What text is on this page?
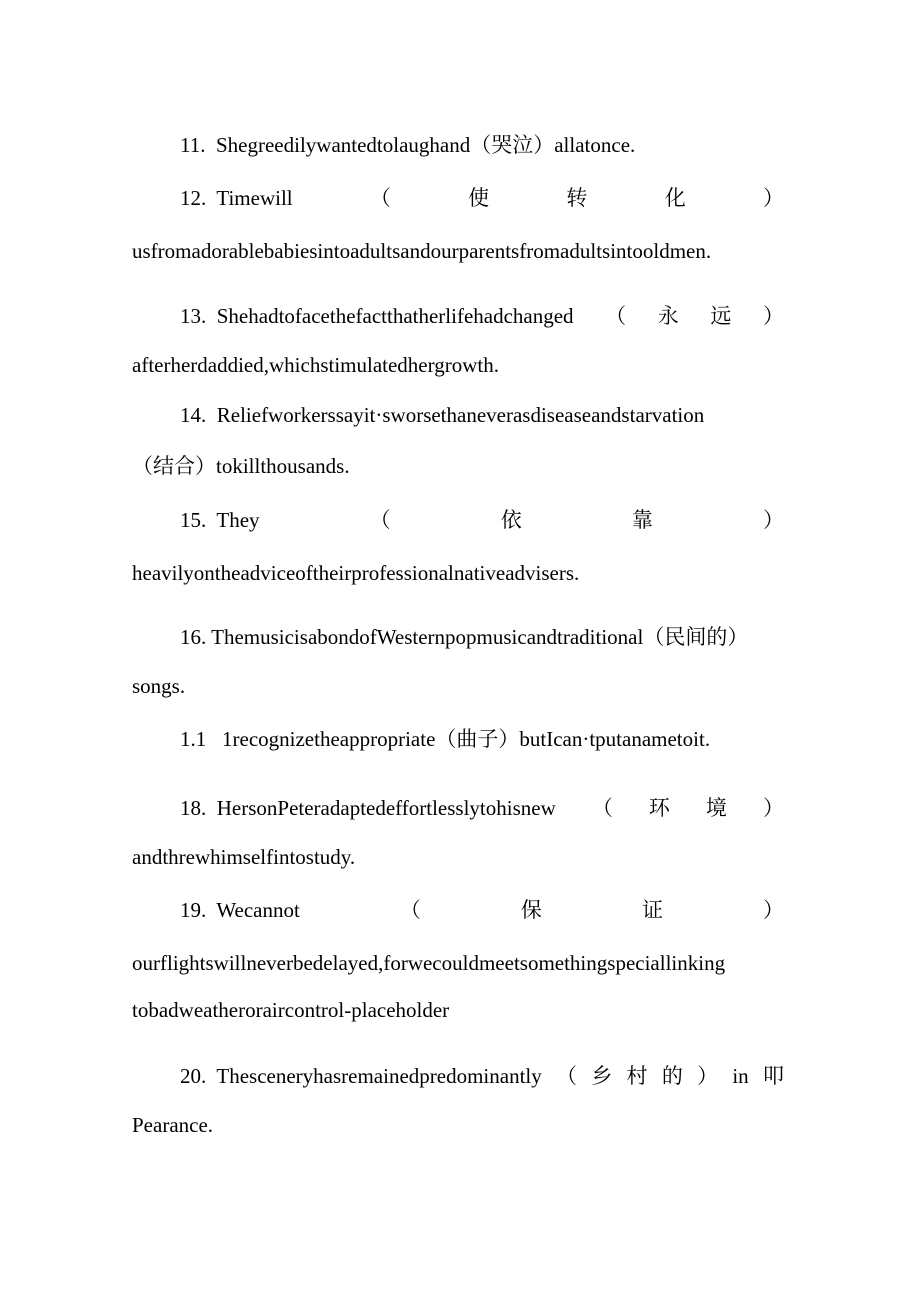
11. Shegreedilywantedtolaughand（哭泣）allatonce.
12. Timewill	（	使	转	化	）
usfromadorablebabiesintoadultsandourparentsfromadultsintooldmen.
13. Shehadtofacethefactthatherlifehadchanged （ 永 远 ）
afterherdaddied,whichstimulatedhergrowth.
14. Reliefworkerssayit·sworsethaneverasdiseaseandstarvation
（结合）tokillthousands.
15. They	（	依	靠	）
heavilyontheadviceoftheirprofessionalnativeadvisers.
16. ThemusicisabondofWesternpopmusicandtraditional（民间的）
songs.
1.1 1recognizetheappropriate（曲子）butIcan·tputanametoit.
18. HersonPeteradaptedeffortlesslytohisnew （ 环 境 ）
andthrewhimselfintostudy.
19. Wecannot	（	保	证	）
ourflightswillneverbedelayed,forwecouldmeetsomethingspeciallinking
tobadweatheroraircontrol-placeholder
20. Thesceneryhasremainedpredominantly （ 乡 村 的 ） in 叩
Pearance.
